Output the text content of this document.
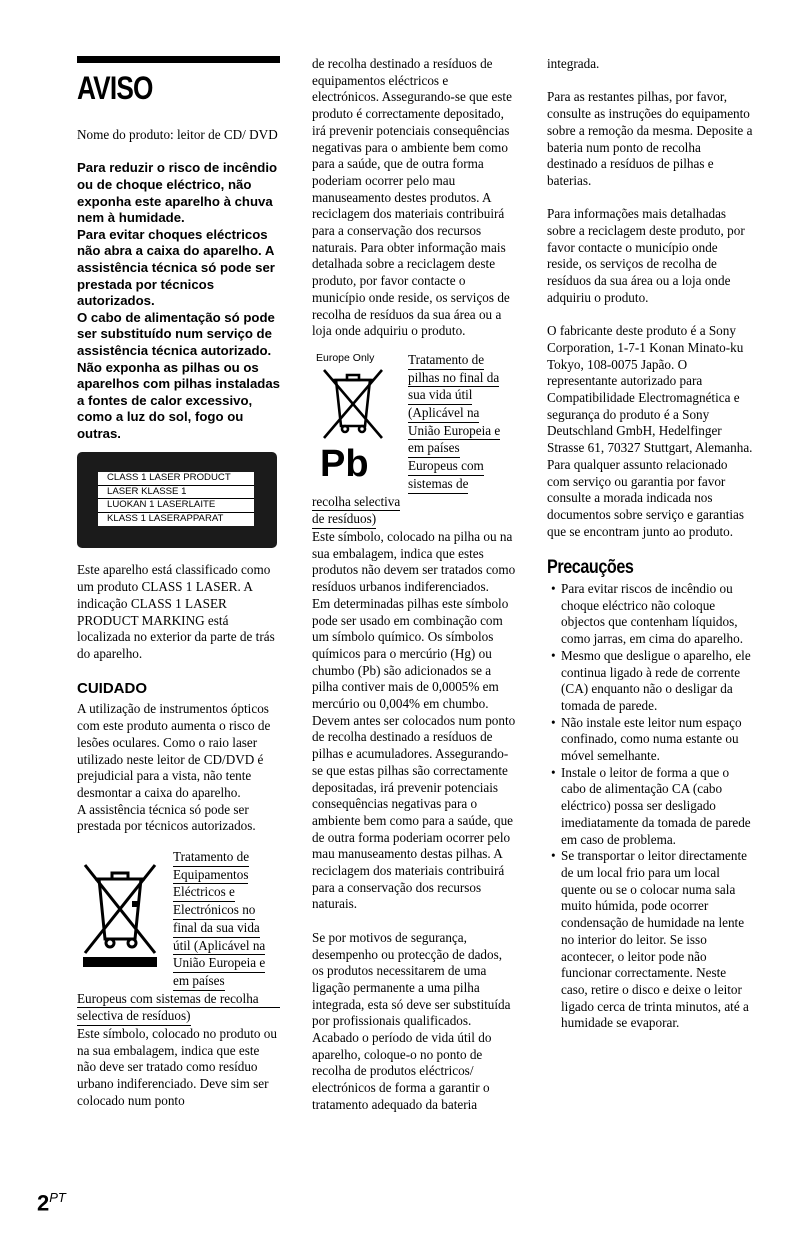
AVISO

Nome do produto: leitor de CD/ DVD

Para reduzir o risco de incêndio ou de choque eléctrico, não exponha este aparelho à chuva nem à humidade.

Para evitar choques eléctricos não abra a caixa do aparelho. A assistência técnica só pode ser prestada por técnicos autorizados.

O cabo de alimentação só pode ser substituído num serviço de assistência técnica autorizado.

Não exponha as pilhas ou os aparelhos com pilhas instaladas a fontes de calor excessivo, como a luz do sol, fogo ou outras.

CLASS 1 LASER PRODUCT
LASER KLASSE 1
LUOKAN 1 LASERLAITE
KLASS 1 LASERAPPARAT

Este aparelho está classificado como um produto CLASS 1 LASER. A indicação CLASS 1 LASER PRODUCT MARKING está localizada no exterior da parte de trás do aparelho.

CUIDADO

A utilização de instrumentos ópticos com este produto aumenta o risco de lesões oculares. Como o raio laser utilizado neste leitor de CD/DVD é prejudicial para a vista, não tente desmontar a caixa do aparelho.

A assistência técnica só pode ser prestada por técnicos autorizados.

Tratamento de
Equipamentos
Eléctricos e
Electrónicos no
final da sua vida
útil (Aplicável na
União Europeia e
em países
Europeus com sistemas de recolha
selectiva de resíduos)

Este símbolo, colocado no produto ou na sua embalagem, indica que este não deve ser tratado como resíduo urbano indiferenciado. Deve sim ser colocado num ponto

de recolha destinado a resíduos de equipamentos eléctricos e electrónicos. Assegurando-se que este produto é correctamente depositado, irá prevenir potenciais consequências negativas para o ambiente bem como para a saúde, que de outra forma poderiam ocorrer pelo mau manuseamento destes produtos. A reciclagem dos materiais contribuirá para a conservação dos recursos naturais. Para obter informação mais detalhada sobre a reciclagem deste produto, por favor contacte o município onde reside, os serviços de recolha de resíduos da sua área ou a loja onde adquiriu o produto.

Europe Only
Pb
Tratamento de
pilhas no final da
sua vida útil
(Aplicável na
União Europeia e
em países
Europeus com
sistemas de
recolha selectiva
de resíduos)

Este símbolo, colocado na pilha ou na sua embalagem, indica que estes produtos não devem ser tratados como resíduos urbanos indiferenciados.

Em determinadas pilhas este símbolo pode ser usado em combinação com um símbolo químico. Os símbolos químicos para o mercúrio (Hg) ou chumbo (Pb) são adicionados se a pilha contiver mais de 0,0005% em mercúrio ou 0,004% em chumbo.

Devem antes ser colocados num ponto de recolha destinado a resíduos de pilhas e acumuladores. Assegurando-se que estas pilhas são correctamente depositadas, irá prevenir potenciais consequências negativas para o ambiente bem como para a saúde, que de outra forma poderiam ocorrer pelo mau manuseamento destas pilhas. A reciclagem dos materiais contribuirá para a conservação dos recursos naturais.

Se por motivos de segurança, desempenho ou protecção de dados, os produtos necessitarem de uma ligação permanente a uma pilha integrada, esta só deve ser substituída por profissionais qualificados.

Acabado o período de vida útil do aparelho, coloque-o no ponto de recolha de produtos eléctricos/ electrónicos de forma a garantir o tratamento adequado da bateria

integrada.

Para as restantes pilhas, por favor, consulte as instruções do equipamento sobre a remoção da mesma. Deposite a bateria num ponto de recolha destinado a resíduos de pilhas e baterias.

Para informações mais detalhadas sobre a reciclagem deste produto, por favor contacte o município onde reside, os serviços de recolha de resíduos da sua área ou a loja onde adquiriu o produto.

O fabricante deste produto é a Sony Corporation, 1-7-1 Konan Minato-ku Tokyo, 108-0075 Japão. O representante autorizado para Compatibilidade Electromagnética e segurança do produto é a Sony Deutschland GmbH, Hedelfinger Strasse 61, 70327 Stuttgart, Alemanha. Para qualquer assunto relacionado com serviço ou garantia por favor consulte a morada indicada nos documentos sobre serviço e garantias que se encontram junto ao produto.

Precauções
• Para evitar riscos de incêndio ou choque eléctrico não coloque objectos que contenham líquidos, como jarras, em cima do aparelho.
• Mesmo que desligue o aparelho, ele continua ligado à rede de corrente (CA) enquanto não o desligar da tomada de parede.
• Não instale este leitor num espaço confinado, como numa estante ou móvel semelhante.
• Instale o leitor de forma a que o cabo de alimentação CA (cabo eléctrico) possa ser desligado imediatamente da tomada de parede em caso de problema.
• Se transportar o leitor directamente de um local frio para um local quente ou se o colocar numa sala muito húmida, pode ocorrer condensação de humidade na lente no interior do leitor. Se isso acontecer, o leitor pode não funcionar correctamente. Neste caso, retire o disco e deixe o leitor ligado cerca de trinta minutos, até a humidade se evaporar.
$2^{PT}$
